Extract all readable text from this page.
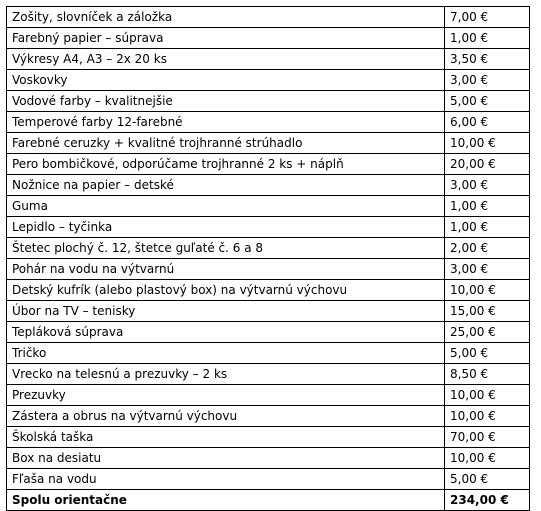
Zošity, slovníček a záložka	7,00 €
Farebný papier – súprava	1,00 €
Výkresy A4, A3 – 2x 20 ks	3,50 €
Voskovky	3,00 €
Vodové farby – kvalitnejšie	5,00 €
Temperové farby 12-farebné	6,00 €
Farebné ceruzky + kvalitné trojhranné strúhadlo	10,00 €
Pero bombičkové, odporúčame trojhranné 2 ks + náplň	20,00 €
Nožnice na papier – detské	3,00 €
Guma	1,00 €
Lepidlo – tyčinka	1,00 €
Štetec plochý č. 12, štetce guľaté č. 6 a 8	2,00 €
Pohár na vodu na výtvarnú	3,00 €
Detský kufrík (alebo plastový box) na výtvarnú výchovu	10,00 €
Úbor na TV – tenisky	15,00 €
Tepláková súprava	25,00 €
Tričko	5,00 €
Vrecko na telesnú a prezuvky – 2 ks	8,50 €
Prezuvky	10,00 €
Zástera a obrus na výtvarnú výchovu	10,00 €
Školská taška	70,00 €
Box na desiatu	10,00 €
Fľaša na vodu	5,00 €
Spolu orientačne	234,00 €
